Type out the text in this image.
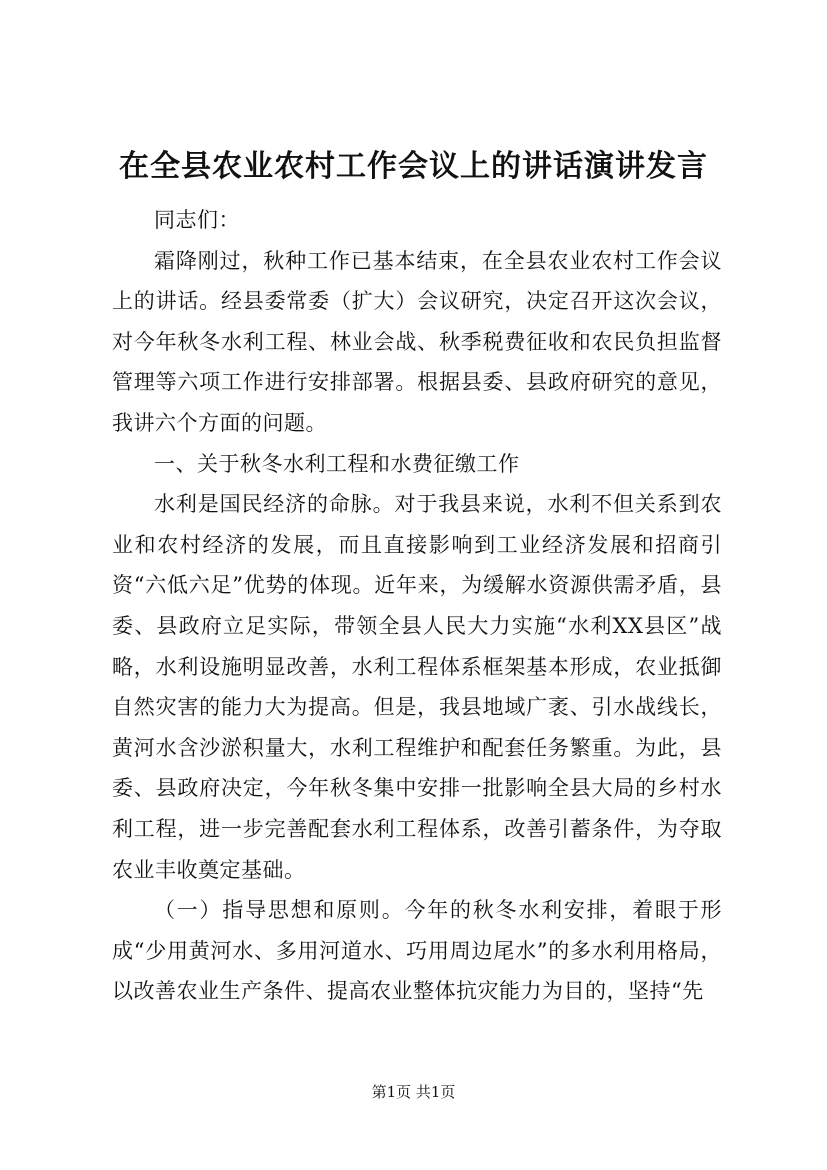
在全县农业农村工作会议上的讲话演讲发言

同志们：

霜降刚过，秋种工作已基本结束，在全县农业农村工作会议上的讲话。经县委常委（扩大）会议研究，决定召开这次会议，对今年秋冬水利工程、林业会战、秋季税费征收和农民负担监督管理等六项工作进行安排部署。根据县委、县政府研究的意见，我讲六个方面的问题。

一、关于秋冬水利工程和水费征缴工作

水利是国民经济的命脉。对于我县来说，水利不但关系到农业和农村经济的发展，而且直接影响到工业经济发展和招商引资“六低六足”优势的体现。近年来，为缓解水资源供需矛盾，县委、县政府立足实际，带领全县人民大力实施“水利XX县区”战略，水利设施明显改善，水利工程体系框架基本形成，农业抵御自然灾害的能力大为提高。但是，我县地域广袤、引水战线长，黄河水含沙淤积量大，水利工程维护和配套任务繁重。为此，县委、县政府决定，今年秋冬集中安排一批影响全县大局的乡村水利工程，进一步完善配套水利工程体系，改善引蓄条件，为夺取农业丰收奠定基础。

（一）指导思想和原则。今年的秋冬水利安排，着眼于形成“少用黄河水、多用河道水、巧用周边尾水”的多水利用格局，以改善农业生产条件、提高农业整体抗灾能力为目的，坚持“先

第1页 共1页
